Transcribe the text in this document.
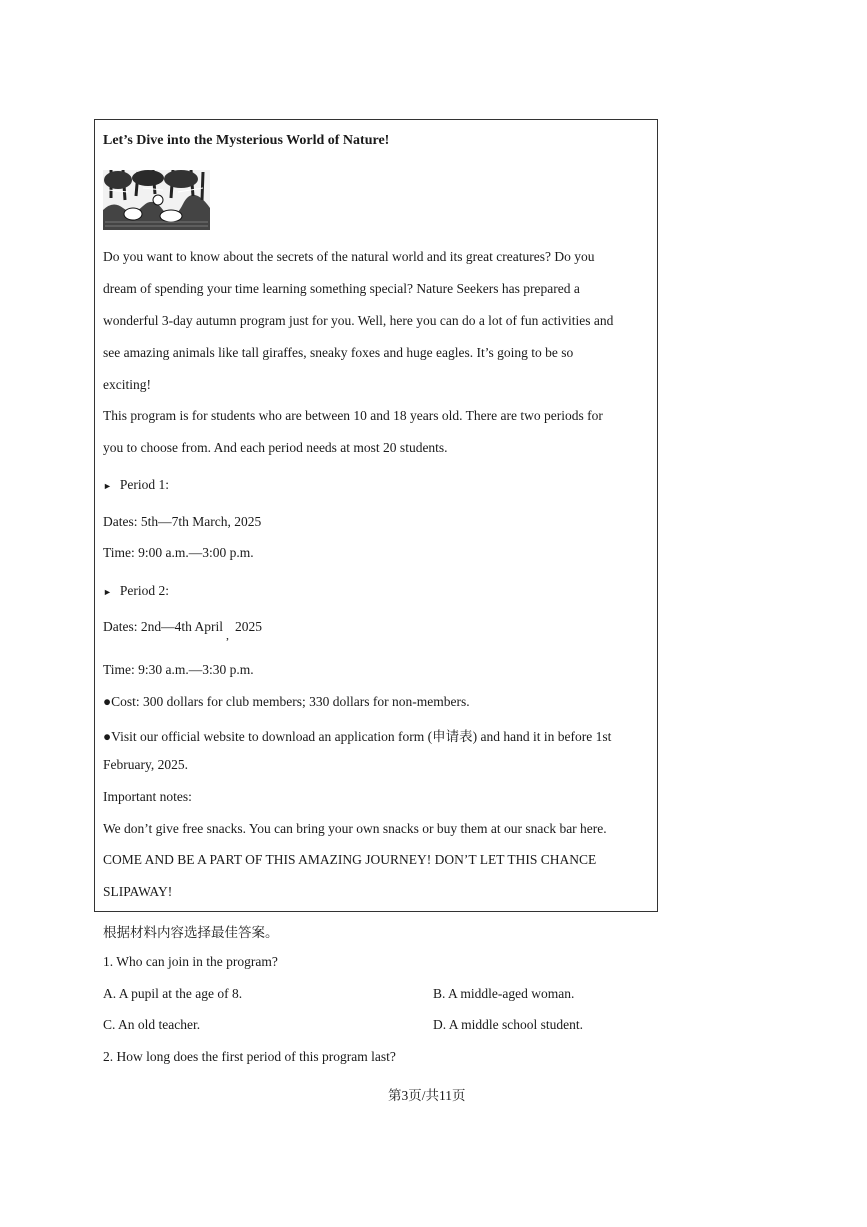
Let’s Dive into the Mysterious World of Nature!
Do you want to know about the secrets of the natural world and its great creatures? Do you
dream of spending your time learning something special? Nature Seekers has prepared a
wonderful 3-day autumn program just for you. Well, here you can do a lot of fun activities and
see amazing animals like tall giraffes, sneaky foxes and huge eagles. It’s going to be so
exciting!
This program is for students who are between 10 and 18 years old. There are two periods for
you to choose from. And each period needs at most 20 students.
► Period 1:
Dates: 5th—7th March, 2025
Time: 9:00 a.m.—3:00 p.m.
► Period 2:
Dates: 2nd—4th April,2025
Time: 9:30 a.m.—3:30 p.m.
●Cost: 300 dollars for club members; 330 dollars for non-members.
●Visit our official website to download an application form (申请表) and hand it in before 1st
February, 2025.
Important notes:
We don’t give free snacks. You can bring your own snacks or buy them at our snack bar here.
COME AND BE A PART OF THIS AMAZING JOURNEY! DON’T LET THIS CHANCE
SLIPAWAY!
根据材料内容选择最佳答案。
1. Who can join in the program?
A. A pupil at the age of 8.	B. A middle-aged woman.
C. An old teacher.	D. A middle school student.
2. How long does the first period of this program last?
第3页/共11页
